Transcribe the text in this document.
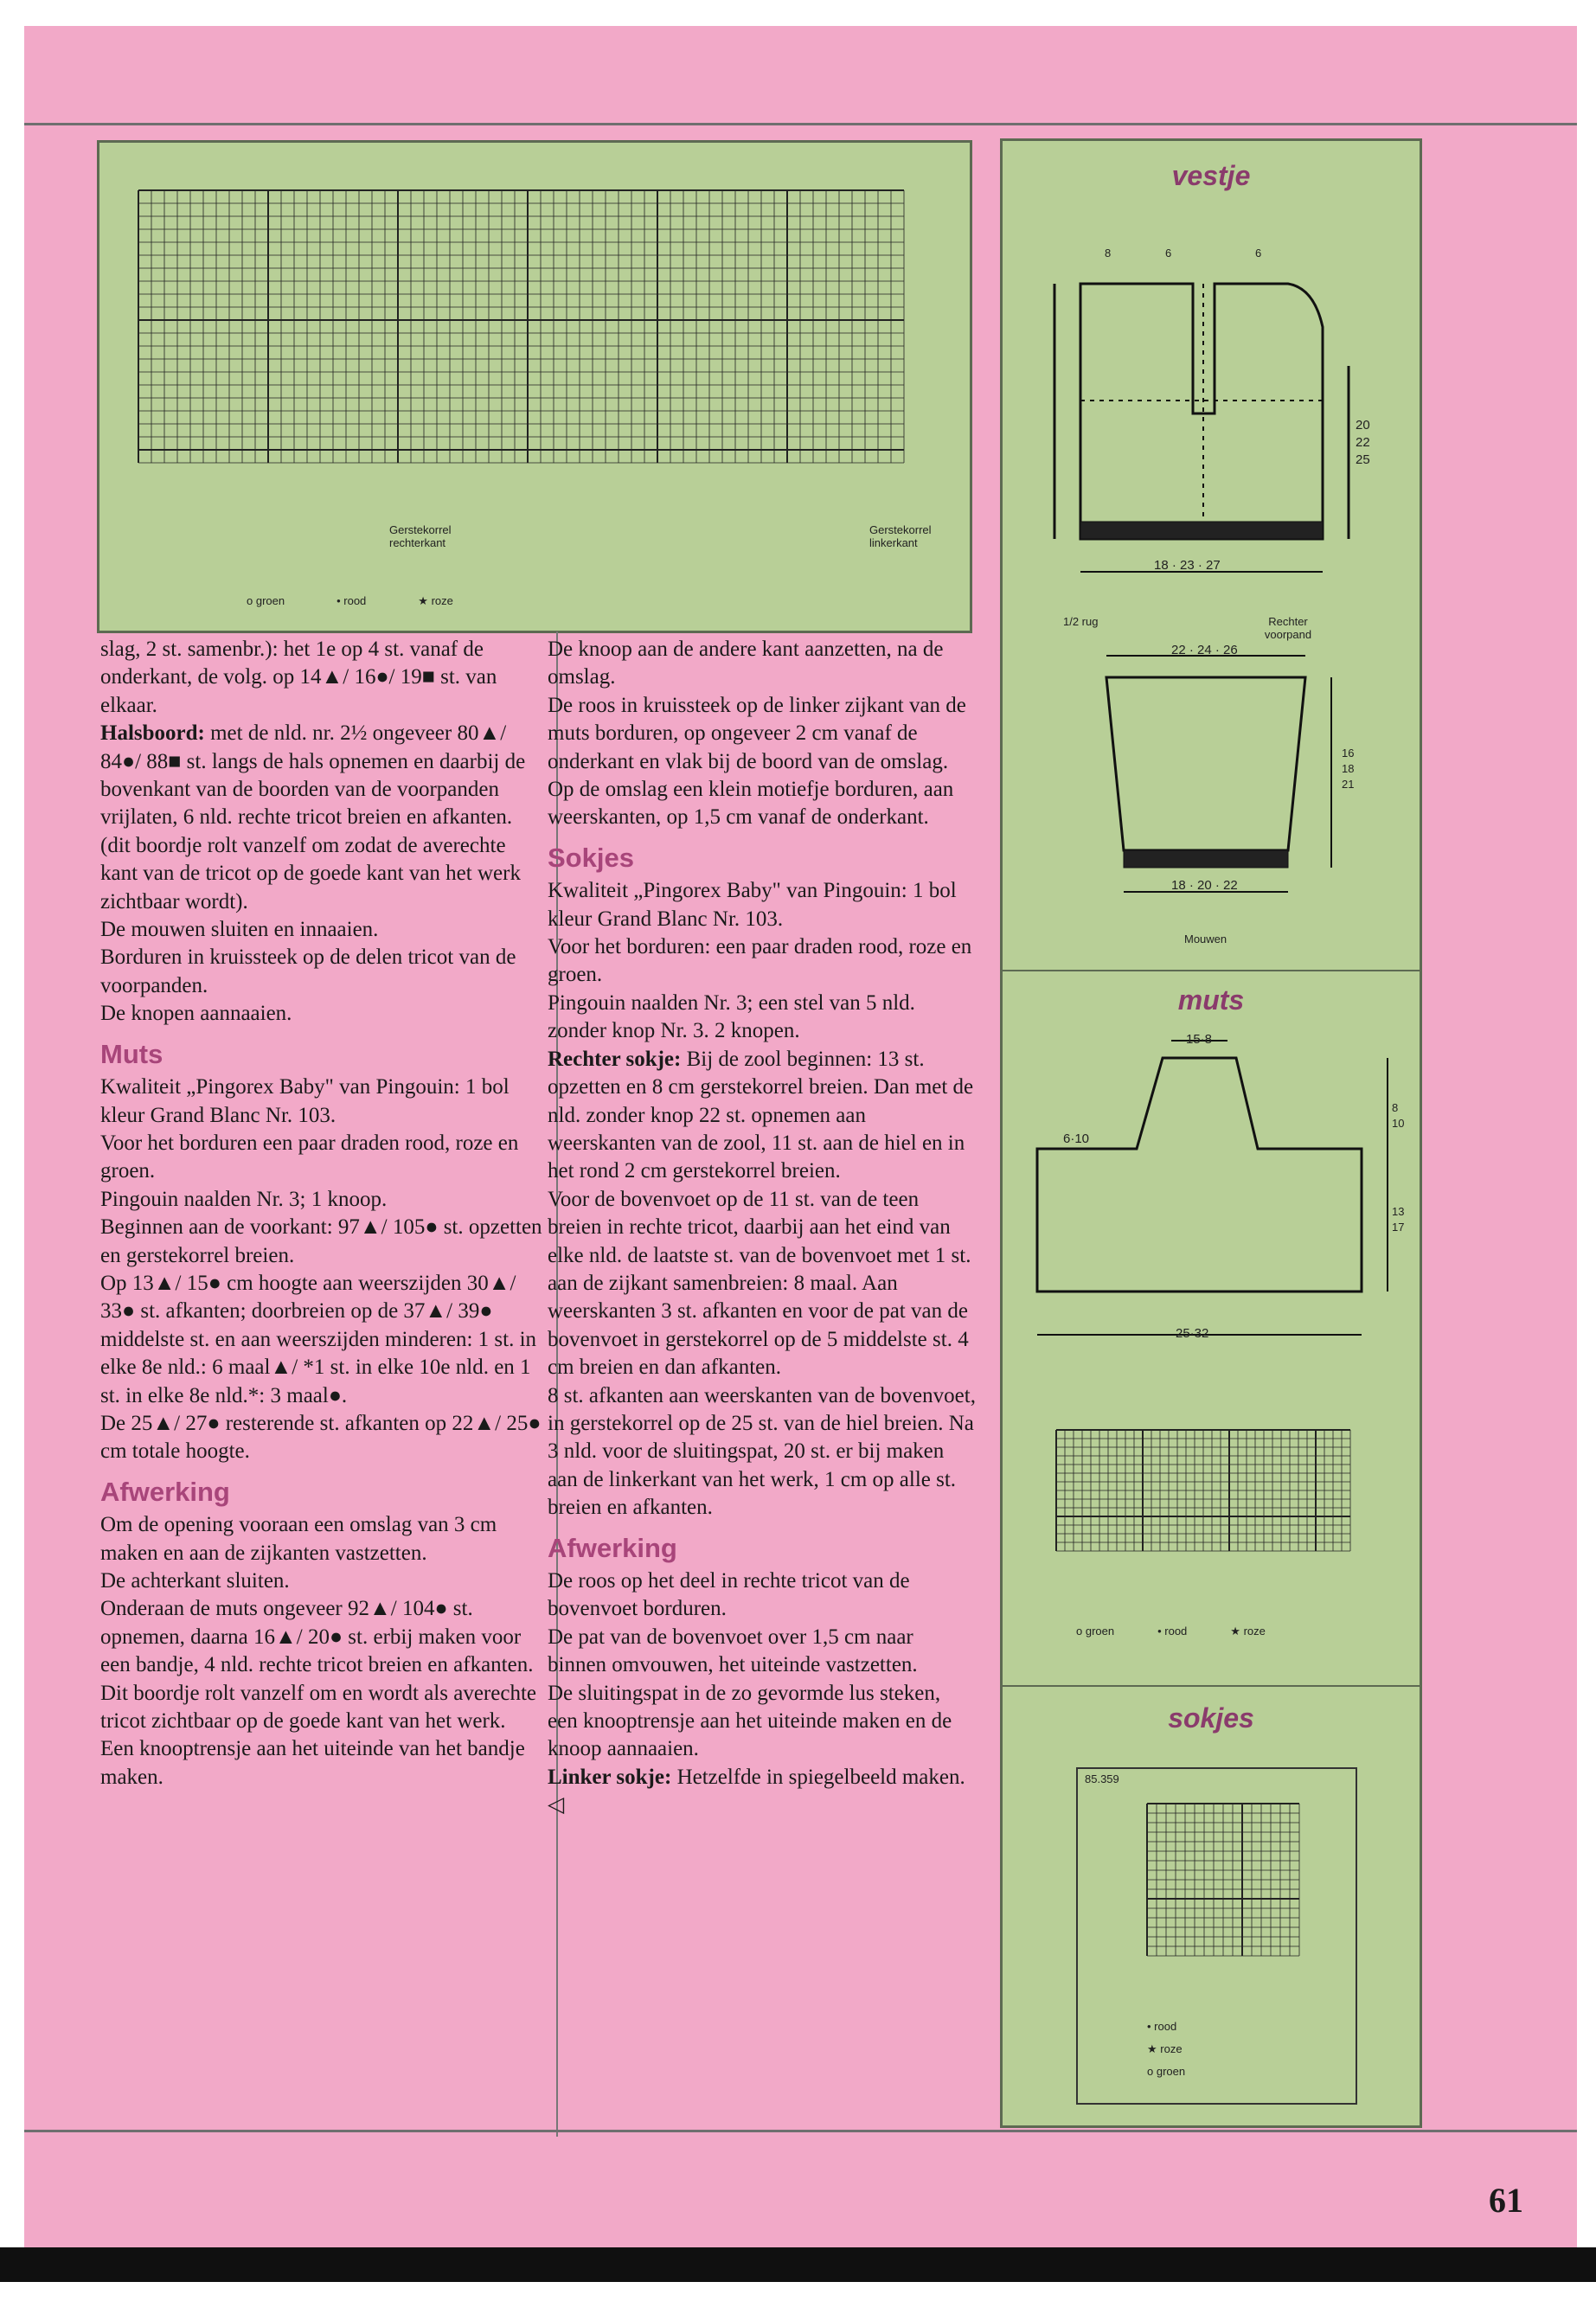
Gerstekorrel rechterkant
Gerstekorrel linkerkant
o groen	• rood	★ roze

slag, 2 st. samenbr.): het 1e op 4 st. vanaf de onderkant, de volg. op 14▲/ 16●/ 19■ st. van elkaar.

Halsboord: met de nld. nr. 2½ ongeveer 80▲/ 84●/ 88■ st. langs de hals opnemen en daarbij de bovenkant van de boorden van de voorpanden vrijlaten, 6 nld. rechte tricot breien en afkanten. (dit boordje rolt vanzelf om zodat de averechte kant van de tricot op de goede kant van het werk zichtbaar wordt).

De mouwen sluiten en innaaien.

Borduren in kruissteek op de delen tricot van de voorpanden.

De knopen aannaaien.

Muts

Kwaliteit „Pingorex Baby" van Pingouin: 1 bol kleur Grand Blanc Nr. 103.

Voor het borduren een paar draden rood, roze en groen.

Pingouin naalden Nr. 3; 1 knoop.

Beginnen aan de voorkant: 97▲/ 105● st. opzetten en gerstekorrel breien.

Op 13▲/ 15● cm hoogte aan weerszijden 30▲/ 33● st. afkanten; doorbreien op de 37▲/ 39● middelste st. en aan weerszijden minderen: 1 st. in elke 8e nld.: 6 maal▲/ *1 st. in elke 10e nld. en 1 st. in elke 8e nld.*: 3 maal●.

De 25▲/ 27● resterende st. afkanten op 22▲/ 25● cm totale hoogte.

Afwerking

Om de opening vooraan een omslag van 3 cm maken en aan de zijkanten vastzetten.

De achterkant sluiten.

Onderaan de muts ongeveer 92▲/ 104● st. opnemen, daarna 16▲/ 20● st. erbij maken voor een bandje, 4 nld. rechte tricot breien en afkanten.

Dit boordje rolt vanzelf om en wordt als averechte tricot zichtbaar op de goede kant van het werk.

Een knooptrensje aan het uiteinde van het bandje maken.

De knoop aan de andere kant aanzetten, na de omslag.

De roos in kruissteek op de linker zijkant van de muts borduren, op ongeveer 2 cm vanaf de onderkant en vlak bij de boord van de omslag.

Op de omslag een klein motiefje borduren, aan weerskanten, op 1,5 cm vanaf de onderkant.

Sokjes

Kwaliteit „Pingorex Baby" van Pingouin: 1 bol kleur Grand Blanc Nr. 103.

Voor het borduren: een paar draden rood, roze en groen.

Pingouin naalden Nr. 3; een stel van 5 nld. zonder knop Nr. 3. 2 knopen.

Rechter sokje: Bij de zool beginnen: 13 st. opzetten en 8 cm gerstekorrel breien. Dan met de nld. zonder knop 22 st. opnemen aan weerskanten van de zool, 11 st. aan de hiel en in het rond 2 cm gerstekorrel breien.

Voor de bovenvoet op de 11 st. van de teen breien in rechte tricot, daarbij aan het eind van elke nld. de laatste st. van de bovenvoet met 1 st. aan de zijkant samenbreien: 8 maal. Aan weerskanten 3 st. afkanten en voor de pat van de bovenvoet in gerstekorrel op de 5 middelste st. 4 cm breien en dan afkanten.

8 st. afkanten aan weerskanten van de bovenvoet, in gerstekorrel op de 25 st. van de hiel breien. Na 3 nld. voor de sluitingspat, 20 st. er bij maken aan de linkerkant van het werk, 1 cm op alle st. breien en afkanten.

Afwerking

De roos op het deel in rechte tricot van de bovenvoet borduren.

De pat van de bovenvoet over 1,5 cm naar binnen omvouwen, het uiteinde vastzetten.

De sluitingspat in de zo gevormde lus steken, een knooptrensje aan het uiteinde maken en de knoop aannaaien.

Linker sokje: Hetzelfde in spiegelbeeld maken. ◁

vestje
18 · 23 · 27
20
22
25
8	6	6
1/2 rug	Rechter voorpand
22 · 24 · 26
18 · 20 · 22
16
18
21
Mouwen
muts
15·8
6·10
25·32
8
10
13
17
o groen	• rood	★ roze
sokjes
85.359
• rood
★ roze
o groen
61
